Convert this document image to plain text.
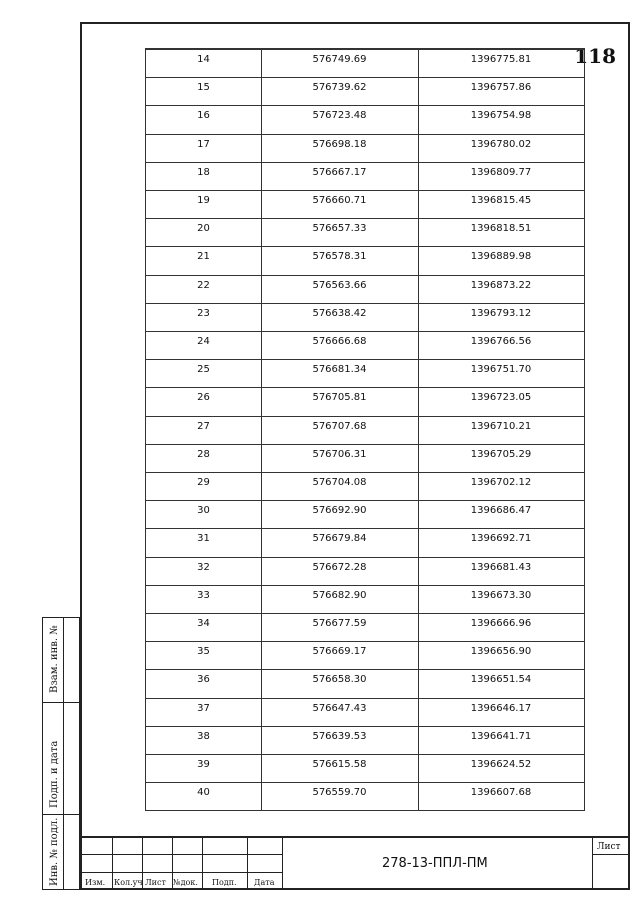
118
14	576749.69	1396775.81
15	576739.62	1396757.86
16	576723.48	1396754.98
17	576698.18	1396780.02
18	576667.17	1396809.77
19	576660.71	1396815.45
20	576657.33	1396818.51
21	576578.31	1396889.98
22	576563.66	1396873.22
23	576638.42	1396793.12
24	576666.68	1396766.56
25	576681.34	1396751.70
26	576705.81	1396723.05
27	576707.68	1396710.21
28	576706.31	1396705.29
29	576704.08	1396702.12
30	576692.90	1396686.47
31	576679.84	1396692.71
32	576672.28	1396681.43
33	576682.90	1396673.30
34	576677.59	1396666.96
35	576669.17	1396656.90
36	576658.30	1396651.54
37	576647.43	1396646.17
38	576639.53	1396641.71
39	576615.58	1396624.52
40	576559.70	1396607.68
Изм. Кол.уч Лист №док. Подп. Дата
278-13-ППЛ-ПМ
Лист
Взам. инв. №
Подп. и дата
Инв. № подл.
